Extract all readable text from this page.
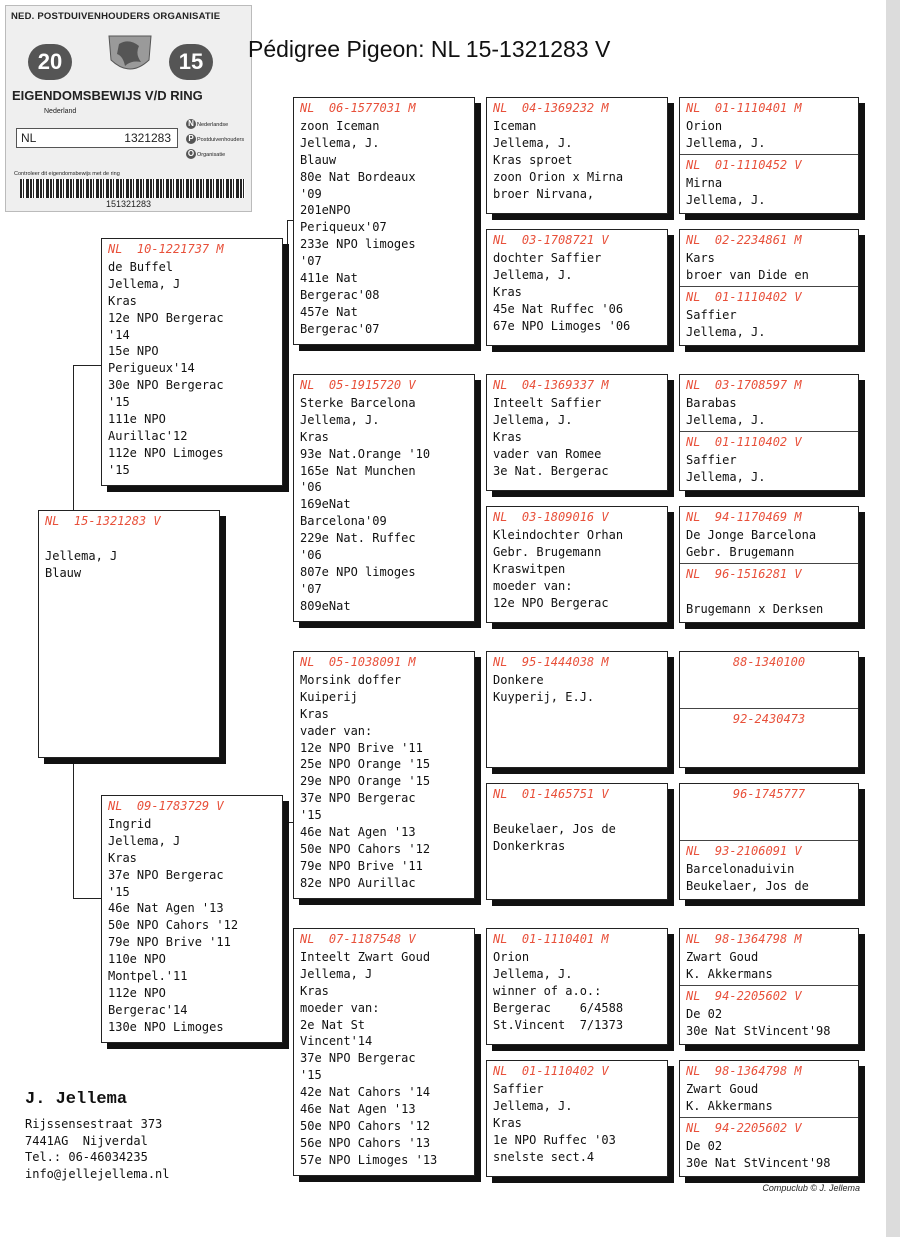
NED. POSTDUIVENHOUDERS ORGANISATIE
20	15
EIGENDOMSBEWIJS V/D RING
Nederland
NL	1321283
N Nederlandse
P Postduivenhouders
O Organisatie
Controleer dit eigendomsbewijs met de ring
151321283
Pédigree Pigeon: NL 15-1321283 V
NL  15-1321283 V

Jellema, J
Blauw
NL  10-1221737 M
de Buffel
Jellema, J
Kras
12e NPO Bergerac
'14
15e NPO
Perigueux'14
30e NPO Bergerac
'15
111e NPO
Aurillac'12
112e NPO Limoges
'15
NL  09-1783729 V
Ingrid
Jellema, J
Kras
37e NPO Bergerac
'15
46e Nat Agen '13
50e NPO Cahors '12
79e NPO Brive '11
110e NPO
Montpel.'11
112e NPO
Bergerac'14
130e NPO Limoges
NL  06-1577031 M
zoon Iceman
Jellema, J.
Blauw
80e Nat Bordeaux
'09
201eNPO
Periqueux'07
233e NPO limoges
'07
411e Nat
Bergerac'08
457e Nat
Bergerac'07
NL  05-1915720 V
Sterke Barcelona
Jellema, J.
Kras
93e Nat.Orange '10
165e Nat Munchen
'06
169eNat
Barcelona'09
229e Nat. Ruffec
'06
807e NPO limoges
'07
809eNat
NL  05-1038091 M
Morsink doffer
Kuiperij
Kras
vader van:
12e NPO Brive '11
25e NPO Orange '15
29e NPO Orange '15
37e NPO Bergerac
'15
46e Nat Agen '13
50e NPO Cahors '12
79e NPO Brive '11
82e NPO Aurillac
NL  07-1187548 V
Inteelt Zwart Goud
Jellema, J
Kras
moeder van:
2e Nat St
Vincent'14
37e NPO Bergerac
'15
42e Nat Cahors '14
46e Nat Agen '13
50e NPO Cahors '12
56e NPO Cahors '13
57e NPO Limoges '13
NL  04-1369232 M
Iceman
Jellema, J.
Kras sproet
zoon Orion x Mirna
broer Nirvana,
NL  03-1708721 V
dochter Saffier
Jellema, J.
Kras
45e Nat Ruffec '06
67e NPO Limoges '06
NL  04-1369337 M
Inteelt Saffier
Jellema, J.
Kras
vader van Romee
3e Nat. Bergerac
NL  03-1809016 V
Kleindochter Orhan
Gebr. Brugemann
Kraswitpen
moeder van:
12e NPO Bergerac
NL  95-1444038 M
Donkere
Kuyperij, E.J.
NL  01-1465751 V

Beukelaer, Jos de
Donkerkras
NL  01-1110401 M
Orion
Jellema, J.
winner of a.o.:
Bergerac    6/4588
St.Vincent  7/1373
NL  01-1110402 V
Saffier
Jellema, J.
Kras
1e NPO Ruffec '03
snelste sect.4
NL  01-1110401 M
Orion
Jellema, J.
NL  01-1110452 V
Mirna
Jellema, J.
NL  02-2234861 M
Kars
broer van Dide en
NL  01-1110402 V
Saffier
Jellema, J.
NL  03-1708597 M
Barabas
Jellema, J.
NL  01-1110402 V
Saffier
Jellema, J.
NL  94-1170469 M
De Jonge Barcelona
Gebr. Brugemann
NL  96-1516281 V

Brugemann x Derksen
88-1340100
92-2430473
96-1745777
NL  93-2106091 V
Barcelonaduivin
Beukelaer, Jos de
NL  98-1364798 M
Zwart Goud
K. Akkermans
NL  94-2205602 V
De 02
30e Nat StVincent'98
NL  98-1364798 M
Zwart Goud
K. Akkermans
NL  94-2205602 V
De 02
30e Nat StVincent'98
J. Jellema
Rijssensestraat 373
7441AG  Nijverdal
Tel.: 06-46034235
info@jellejellema.nl
Compuclub © J. Jellema
